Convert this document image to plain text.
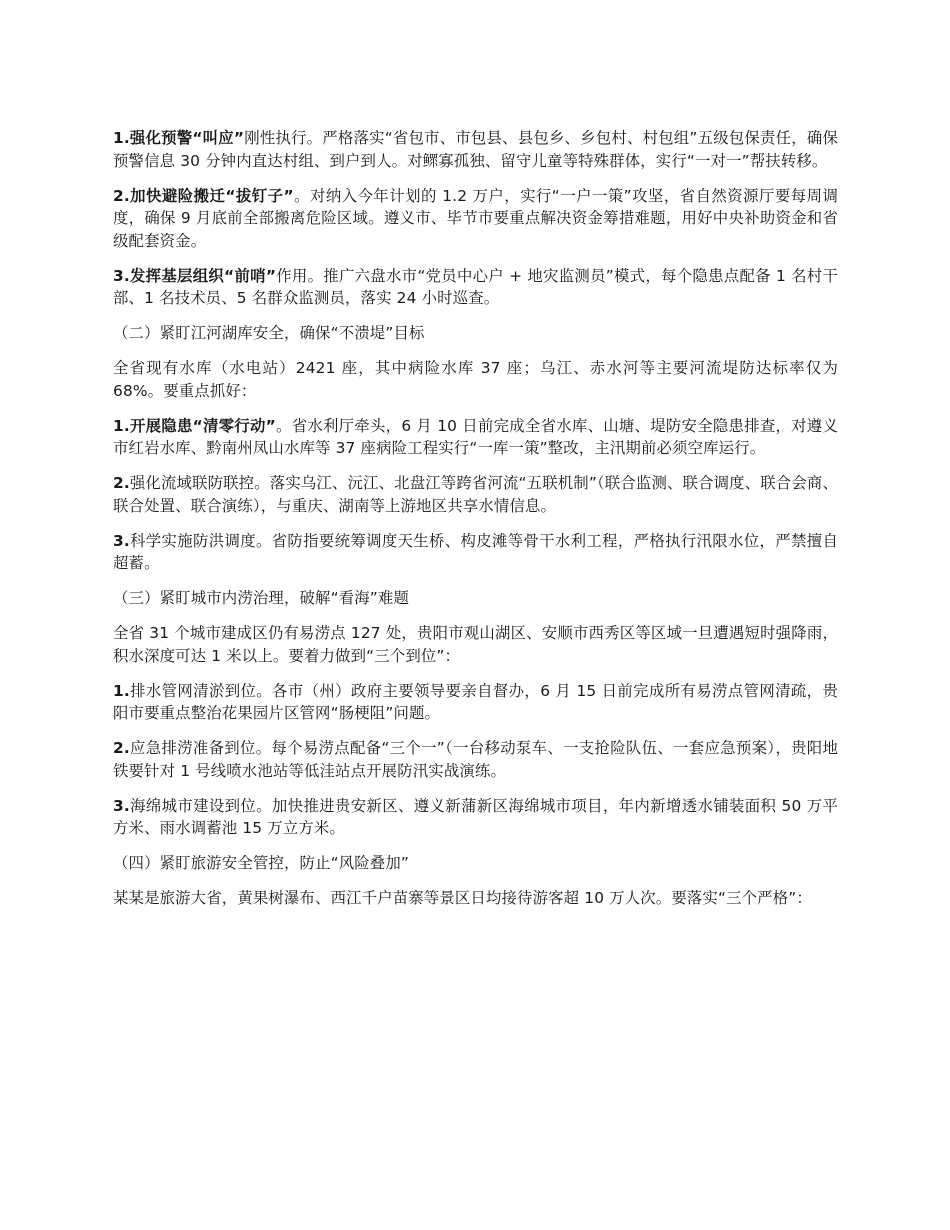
1.强化预警“叫应”刚性执行。严格落实“省包市、市包县、县包乡、乡包村、村包组”五级包保责任，确保预警信息 30 分钟内直达村组、到户到人。对鳏寡孤独、留守儿童等特殊群体，实行“一对一”帮扶转移。

2.加快避险搬迁“拔钉子”。对纳入今年计划的 1.2 万户，实行“一户一策”攻坚，省自然资源厅要每周调度，确保 9 月底前全部搬离危险区域。遵义市、毕节市要重点解决资金筹措难题，用好中央补助资金和省级配套资金。

3.发挥基层组织“前哨”作用。推广六盘水市“党员中心户 + 地灾监测员”模式，每个隐患点配备 1 名村干部、1 名技术员、5 名群众监测员，落实 24 小时巡查。

（二）紧盯江河湖库安全，确保“不溃堤”目标

全省现有水库（水电站）2421 座，其中病险水库 37 座；乌江、赤水河等主要河流堤防达标率仅为 68%。要重点抓好：

1.开展隐患“清零行动”。省水利厅牵头，6 月 10 日前完成全省水库、山塘、堤防安全隐患排查，对遵义市红岩水库、黔南州凤山水库等 37 座病险工程实行“一库一策”整改，主汛期前必须空库运行。

2.强化流域联防联控。落实乌江、沅江、北盘江等跨省河流“五联机制”（联合监测、联合调度、联合会商、联合处置、联合演练），与重庆、湖南等上游地区共享水情信息。

3.科学实施防洪调度。省防指要统筹调度天生桥、构皮滩等骨干水利工程，严格执行汛限水位，严禁擅自超蓄。

（三）紧盯城市内涝治理，破解“看海”难题

全省 31 个城市建成区仍有易涝点 127 处，贵阳市观山湖区、安顺市西秀区等区域一旦遭遇短时强降雨，积水深度可达 1 米以上。要着力做到“三个到位”：

1.排水管网清淤到位。各市（州）政府主要领导要亲自督办，6 月 15 日前完成所有易涝点管网清疏，贵阳市要重点整治花果园片区管网“肠梗阻”问题。

2.应急排涝准备到位。每个易涝点配备“三个一”（一台移动泵车、一支抢险队伍、一套应急预案），贵阳地铁要针对 1 号线喷水池站等低洼站点开展防汛实战演练。

3.海绵城市建设到位。加快推进贵安新区、遵义新蒲新区海绵城市项目，年内新增透水铺装面积 50 万平方米、雨水调蓄池 15 万立方米。

（四）紧盯旅游安全管控，防止“风险叠加”

某某是旅游大省，黄果树瀑布、西江千户苗寨等景区日均接待游客超 10 万人次。要落实“三个严格”：
